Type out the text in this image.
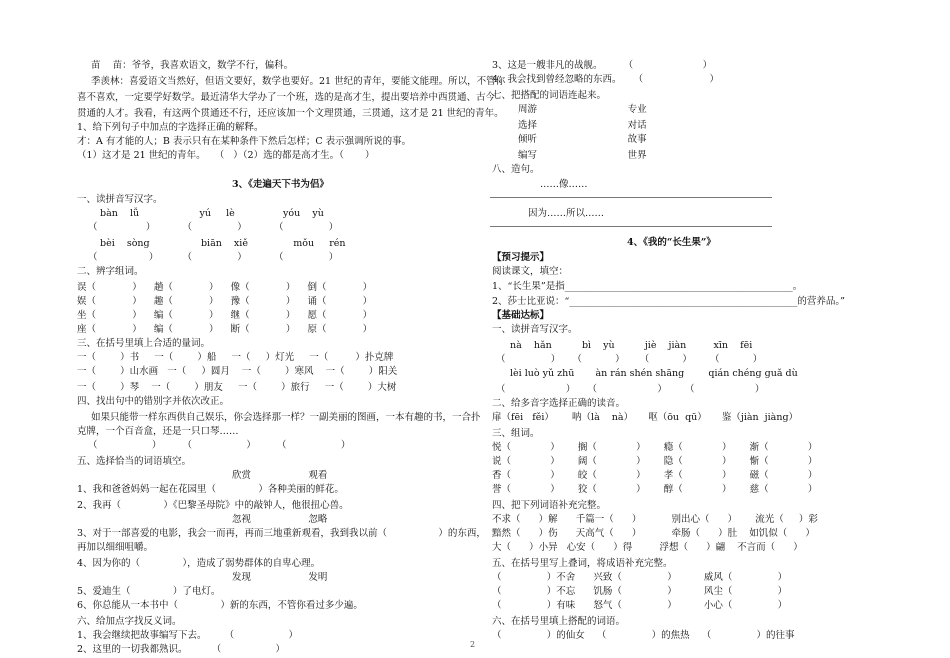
苗    苗：爷爷，我喜欢语文，数学不行，偏科。
季羡林：喜爱语文当然好，但语文要好，数学也要好。21 世纪的青年，要能文能理。所以，不管你
喜不喜欢，一定要学好数学。最近清华大学办了一个班，选的是高才生，提出要培养中西贯通、古今
贯通的人才。我看，有这两个贯通还不行，还应该加一个文理贯通，三贯通，这才是 21 世纪的青年。
1、给下列句子中加点的字选择正确的解释。
才：A 有才能的人；B 表示只有在某种条件下然后怎样；C 表示强调所说的事。
（1）这才是 21 世纪的青年。   （   ）（2）选的都是高才生。（       ）
3、《走遍天下书为侣》
一、读拼音写汉字。
bàn    lǚ                    yú     lè                yóu    yù
（                ）         （               ）         （               ）
bèi    sòng                 biān    xiě               mǒu     rén
（                 ）        （               ）         （               ）
二、辨字组词。
误（            ）    趟（            ）    像（            ）    倒（            ）
娱（            ）    趣（            ）    豫（            ）    诵（            ）
坐（            ）    编（            ）    继（            ）    愿（            ）
座（            ）    编（            ）    断（            ）    原（            ）
三、在括号里填上合适的量词。
一（        ）书     一（        ）船     一（     ）灯光     一（         ）扑克牌
一（        ）山水画   一（     ）圆月    一（        ）寒风    一（        ）阳关
一（        ）琴    一（        ）朋友     一（        ）旅行     一（        ）大树
四、找出句中的错别字并依次改正。
如果只能带一样东西供自己娱乐，你会选择那一样？一副美丽的图画，一本有趣的书，一合扑
克牌，一个百音盒，还是一只口琴……
（                  ）       （                  ）       （                  ）
五、选择恰当的词语填空。
欣赏                   观看
1、我和爸爸妈妈一起在花园里（              ）各种美丽的鲜花。
2、我再（              ）《巴黎圣母院》中的敲钟人，他很扭心兽。
忽视                   忽略
3、对于一部喜爱的电影，我会一而再，再而三地重新观看，我到我以前（                 ）的东西，
再加以细细咀嚼。
4、因为你的（              ），造成了弱势群体的自卑心理。
发现                   发明
5、爱迪生（              ）了电灯。
6、你总能从一本书中（              ）新的东西，不管你看过多少遍。
六、给加点字找反义词。
1、我会继续把故事编写下去。      （                  ）
2、这里的一切我都熟识。        （                  ）
3、这是一艘非凡的战舰。       （                       ）
4、我会找到曾经忽略的东西。    （                      ）
七、把搭配的词语连起来。
周游                              专业
选择                              对话
倾听                              故事
编写                              世界
八、造句。
……像……
因为……所以……
4、《我的“长生果”》
【预习提示】
阅读课文，填空：
1、“长生果”是指________________________________________________。
2、莎士比亚说：“________________________________________________的营养品。”
【基础达标】
一、读拼音写汉字。
nà    hǎn          bì    yù          jiè    jiàn         xīn    fēi
（               ）    （           ）     （           ）      （           ）
lèi luò yǔ zhū       àn rán shén shāng        qián chéng guǎ dù
（                    ）    （                    ）      （                    ）
二、给多音字选择正确的读音。
扉（fēi   fěi）      呐（là    nà）     呕（ōu  qū）     鉴（jiàn  jiàng）
三、组词。
悦（             ）      搁（             ）      瘾（             ）      渐（             ）
说（             ）      阔（             ）      隐（             ）      惭（             ）
香（             ）      皎（             ）      孝（             ）      磁（             ）
誉（             ）      狡（             ）      醇（             ）      慈（             ）
四、把下列词语补充完整。
不求（      ）解      千篇一（      ）          别出心（      ）      流光（     ）彩
黯然（      ）伤      天高气（      ）          牵肠（      ）肚    如饥似（      ）
大（      ）小异   心安（      ）得         浮想（      ）翩    不言而（      ）
五、在括号里写上叠词，将成语补充完整。
（               ）不舍      兴致（               ）         威风（               ）
（               ）不忘      饥肠（               ）         风尘（               ）
（               ）有味      怒气（               ）         小心（               ）
六、在括号里填上搭配的词语。
（               ）的仙女    （               ）的焦热    （               ）的往事
2
